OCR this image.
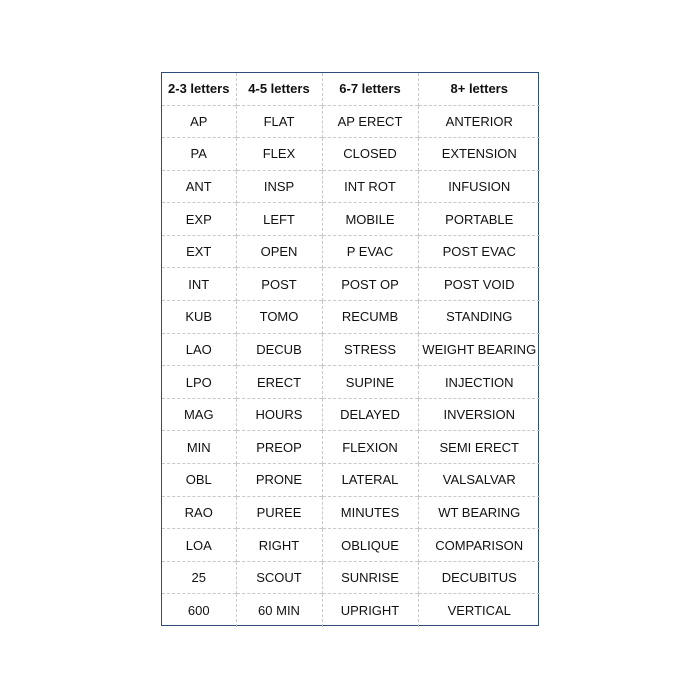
2-3 letters	4-5 letters	6-7 letters	8+ letters
AP	FLAT	AP ERECT	ANTERIOR
PA	FLEX	CLOSED	EXTENSION
ANT	INSP	INT ROT	INFUSION
EXP	LEFT	MOBILE	PORTABLE
EXT	OPEN	P EVAC	POST EVAC
INT	POST	POST OP	POST VOID
KUB	TOMO	RECUMB	STANDING
LAO	DECUB	STRESS	WEIGHT BEARING
LPO	ERECT	SUPINE	INJECTION
MAG	HOURS	DELAYED	INVERSION
MIN	PREOP	FLEXION	SEMI ERECT
OBL	PRONE	LATERAL	VALSALVAR
RAO	PUREE	MINUTES	WT BEARING
LOA	RIGHT	OBLIQUE	COMPARISON
25	SCOUT	SUNRISE	DECUBITUS
600	60 MIN	UPRIGHT	VERTICAL
